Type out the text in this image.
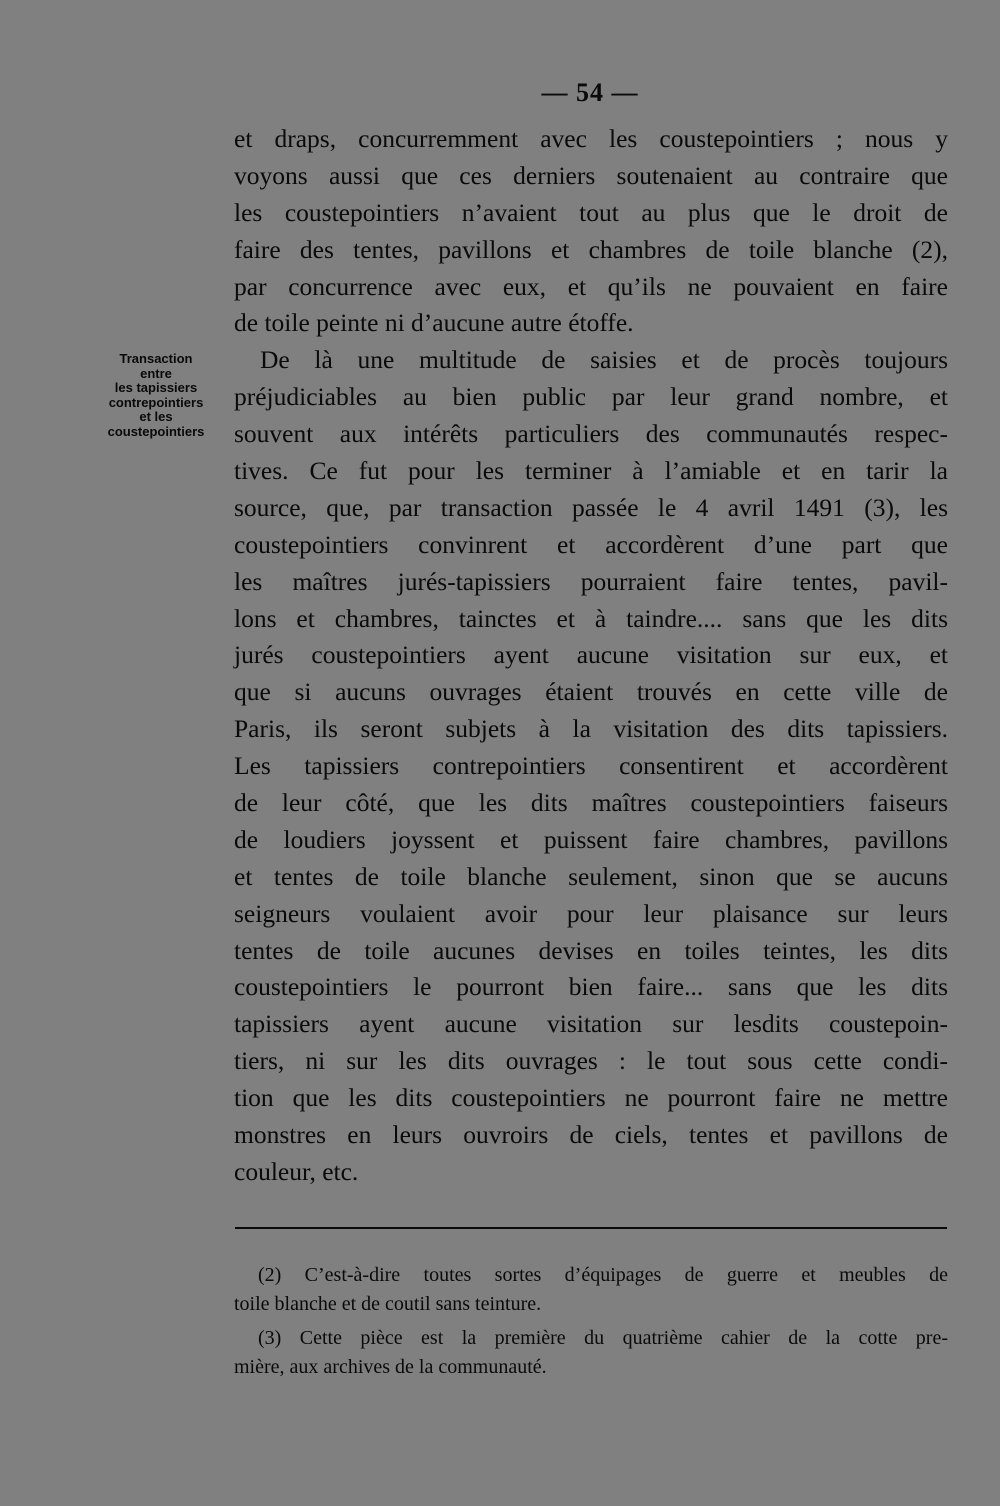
— 54 —
Transaction
entre
les tapissiers
contrepointiers
et les
coustepointiers
et draps, concurremment avec les coustepointiers ; nous y
voyons aussi que ces derniers soutenaient au contraire que
les coustepointiers n’avaient tout au plus que le droit de
faire des tentes, pavillons et chambres de toile blanche (2),
par concurrence avec eux, et qu’ils ne pouvaient en faire
de toile peinte ni d’aucune autre étoffe.
De là une multitude de saisies et de procès toujours
préjudiciables au bien public par leur grand nombre, et
souvent aux intérêts particuliers des communautés respec-
tives. Ce fut pour les terminer à l’amiable et en tarir la
source, que, par transaction passée le 4 avril 1491 (3), les
coustepointiers convinrent et accordèrent d’une part que
les maîtres jurés-tapissiers pourraient faire tentes, pavil-
lons et chambres, tainctes et à taindre.... sans que les dits
jurés coustepointiers ayent aucune visitation sur eux, et
que si aucuns ouvrages étaient trouvés en cette ville de
Paris, ils seront subjets à la visitation des dits tapissiers.
Les tapissiers contrepointiers consentirent et accordèrent
de leur côté, que les dits maîtres coustepointiers faiseurs
de loudiers joyssent et puissent faire chambres, pavillons
et tentes de toile blanche seulement, sinon que se aucuns
seigneurs voulaient avoir pour leur plaisance sur leurs
tentes de toile aucunes devises en toiles teintes, les dits
coustepointiers le pourront bien faire... sans que les dits
tapissiers ayent aucune visitation sur lesdits coustepoin-
tiers, ni sur les dits ouvrages : le tout sous cette condi-
tion que les dits coustepointiers ne pourront faire ne mettre
monstres en leurs ouvroirs de ciels, tentes et pavillons de
couleur, etc.
(2) C’est-à-dire toutes sortes d’équipages de guerre et meubles de
toile blanche et de coutil sans teinture.
(3) Cette pièce est la première du quatrième cahier de la cotte pre-
mière, aux archives de la communauté.
